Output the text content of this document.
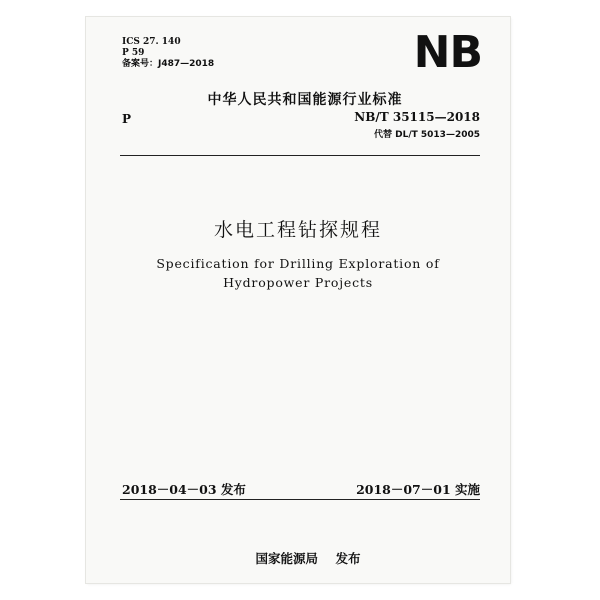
ICS 27. 140
P 59
备案号：J487—2018	NB
中华人民共和国能源行业标准
P	NB/T 35115—2018
代替 DL/T 5013—2005
水电工程钻探规程
Specification for Drilling Exploration of
Hydropower Projects
2018－04－03 发布	2018－07－01 实施
国家能源局    发布
